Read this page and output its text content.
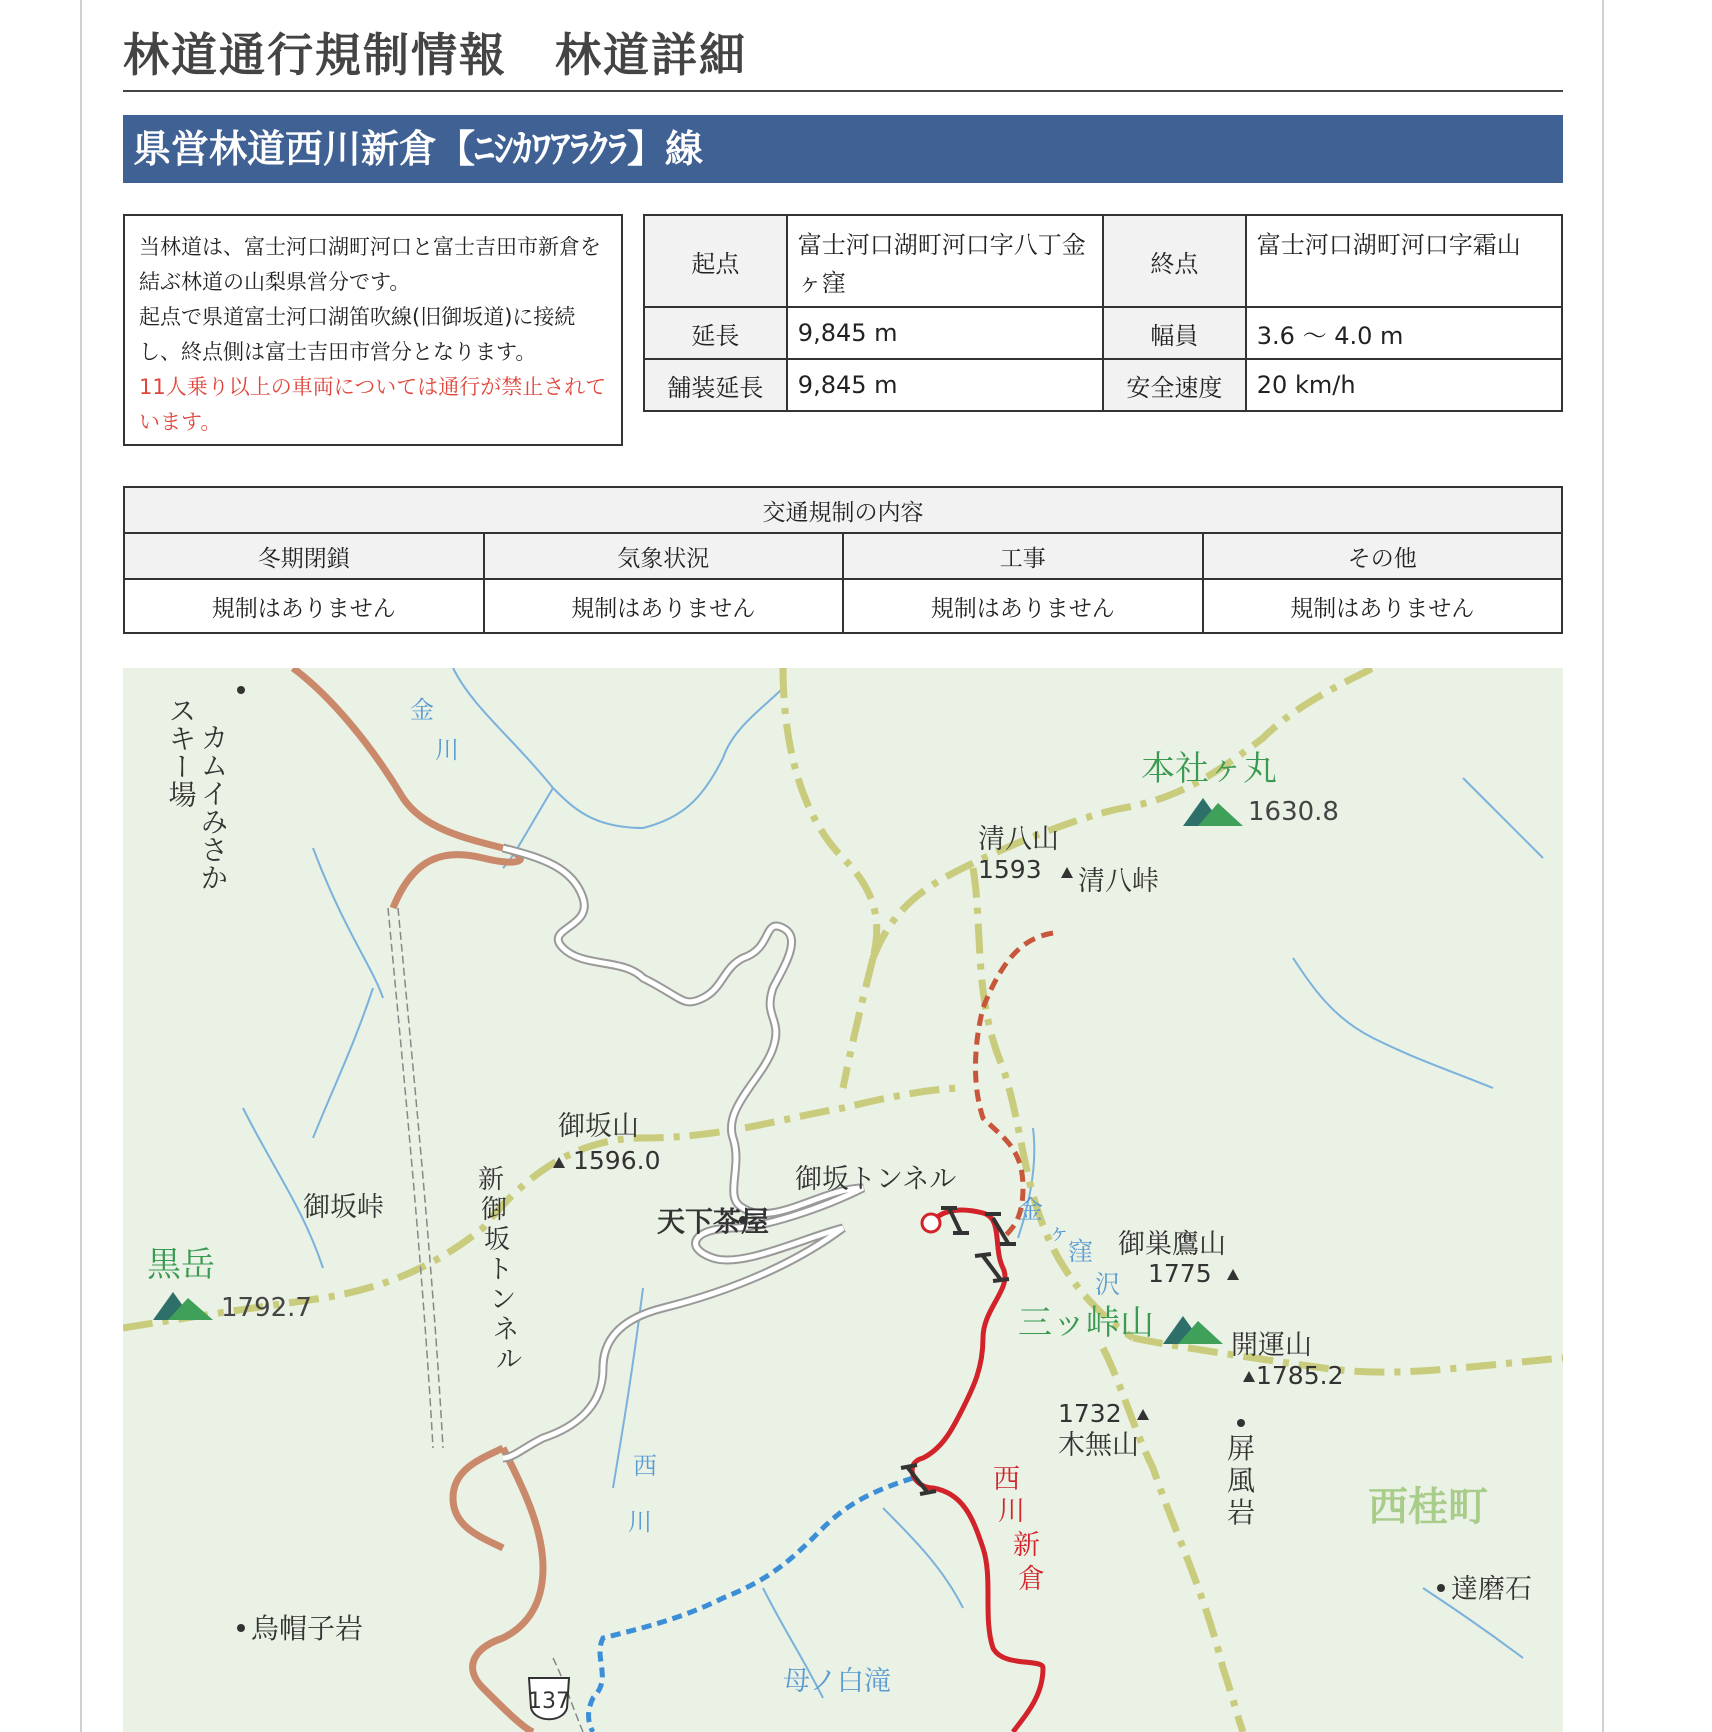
林道通行規制情報　林道詳細
県営林道西川新倉【ﾆｼｶﾜｱﾗｸﾗ】線
当林道は、富士河口湖町河口と富士吉田市新倉を結ぶ林道の山梨県営分です。
起点で県道富士河口湖笛吹線(旧御坂道)に接続し、終点側は富士吉田市営分となります。
11人乗り以上の車両については通行が禁止されています。
起点	富士河口湖町河口字八丁金ヶ窪	終点	富士河口湖町河口字霜山
延長	9,845 m	幅員	3.6 ～ 4.0 m
舗装延長	9,845 m	安全速度	20 km/h
交通規制の内容			
冬期閉鎖	気象状況	工事	その他
規制はありません	規制はありません	規制はありません	規制はありません
137
カムイみさか
スキー場	金
川	本社ヶ丸
1630.8
清八山
1593 清八峠
御坂山
1596.0
御坂峠
御坂トンネル
天下茶屋
新
御
坂
ト
ン
ネ
ル
黒岳
1792.7
金
ヶ
窪
沢
御巣鷹山
1775
三ッ峠山
開運山
1785.2
1732
木無山	屏
風
岩	西桂町
達磨石
西
川
西
川
新
倉
烏帽子岩
母ノ白滝
